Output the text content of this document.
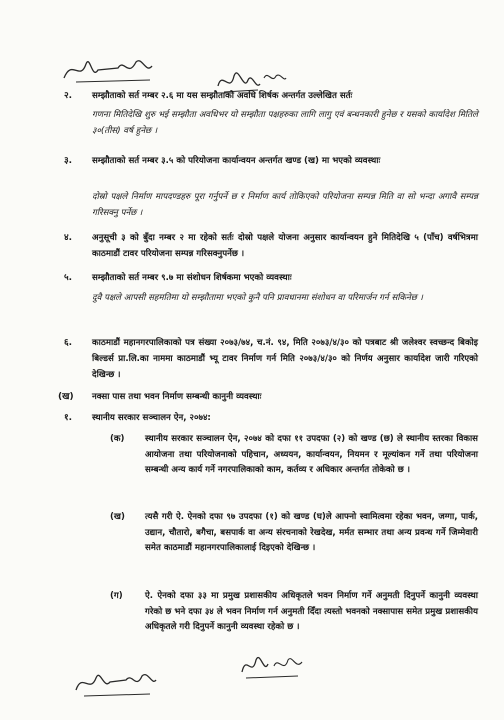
२. सम्झौताको सर्त नम्बर २.६ मा यस सम्झौताको अवधि शिर्षक अन्तर्गत उल्लेखित सर्तः
गणना मितिदेखि शुरु भई सम्झौता अवधिभर यो सम्झौता पक्षहरुका लागि लागु एवं बन्धनकारी हुनेछ र यसको कार्यादेश मितिले ३०(तीस) वर्ष हुनेछ ।
३. सम्झौताको सर्त नम्बर ३.५ को परियोजना कार्यान्वयन अन्तर्गत खण्ड (ख) मा भएको व्यवस्थाः
दोस्रो पक्षले निर्माण मापदण्डहरु पूरा गर्नुपर्ने छ र निर्माण कार्य तोकिएको परियोजना सम्पन्न मिति वा सो भन्दा अगावै सम्पन्न गरिसक्नु पर्नेछ ।
४. अनुसूची ३ को बुँदा नम्बर २ मा रहेको सर्तः दोस्रो पक्षले योजना अनुसार कार्यान्वयन हुने मितिदेखि ५ (पाँच) वर्षभित्रमा काठमाडौं टावर परियोजना सम्पन्न गरिसक्नुपर्नेछ ।
५. सम्झौताको सर्त नम्बर ९.७ मा संशोधन शिर्षकमा भएको व्यवस्थाः
दुवै पक्षले आपसी सहमतिमा यो सम्झौतामा भएको कुनै पनि प्रावधानमा संशोधन वा परिमार्जन गर्न सकिनेछ ।
६. काठमाडौं महानगरपालिकाको पत्र संख्या २०७३/७४, च.नं. ९४, मिति २०७३/४/३० को पत्रबाट श्री जलेश्वर स्वच्छन्द बिकोइ बिल्डर्स प्रा.लि.का नाममा काठमाडौं भ्यू टावर निर्माण गर्न मिति २०७३/४/३० को निर्णय अनुसार कार्यादेश जारी गरिएको देखिन्छ ।
(ख) नक्सा पास तथा भवन निर्माण सम्बन्धी कानुनी व्यवस्थाः
१. स्थानीय सरकार सञ्चालन ऐन, २०७४:
(क) स्थानीय सरकार सञ्चालन ऐन, २०७४ को दफा ११ उपदफा (२) को खण्ड (छ) ले स्थानीय स्तरका विकास आयोजना तथा परियोजनाको पहिचान, अध्ययन, कार्यान्वयन, नियमन र मूल्यांकन गर्ने तथा परियोजना सम्बन्धी अन्य कार्य गर्ने नगरपालिकाको काम, कर्तव्य र अधिकार अन्तर्गत तोकेको छ ।
(ख) त्यसै गरी ऐ. ऐनको दफा ९७ उपदफा (१) को खण्ड (घ)ले आफ्नो स्वामित्वमा रहेका भवन, जग्गा, पार्क, उद्यान, चौतारो, बगैचा, बसपार्क वा अन्य संरचनाको रेखदेख, मर्मत सम्भार तथा अन्य प्रवन्ध गर्ने जिम्मेवारी समेत काठमाडौं महानगरपालिकालाई दिइएको देखिन्छ ।
(ग)	ऐ. ऐनको दफा ३३ मा प्रमुख प्रशासकीय अधिकृतले भवन निर्माण गर्ने अनुमती दिनुपर्ने कानुनी व्यवस्था गरेको छ भने दफा ३४ ले भवन निर्माण गर्न अनुमती दिँदा त्यस्तो भवनको नक्सापास समेत प्रमुख प्रशासकीय अधिकृतले गरी दिनुपर्ने कानुनी व्यवस्था रहेको छ ।
